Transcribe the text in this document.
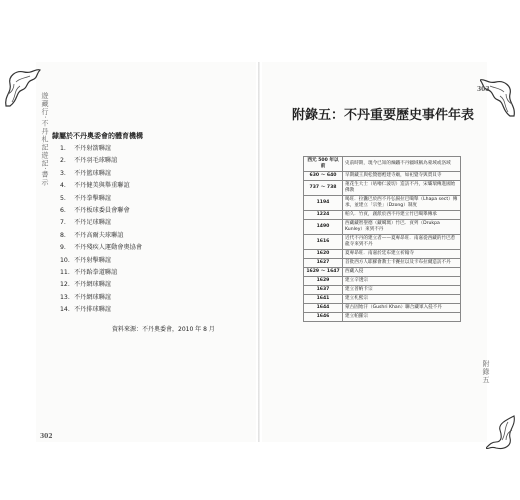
遊藏行·不丹札記遊記·書示
302
隸屬於不丹奧委會的體育機構
1. 不丹射箭聯誼
2. 不丹羽毛球聯誼
3. 不丹籃球聯誼
4. 不丹健美與舉重聯誼
5. 不丹拳擊聯誼
6. 不丹板球委員會聯會
7. 不丹足球聯誼
8. 不丹高爾夫球聯誼
9. 不丹殘疾人運動會奧協會
10. 不丹射擊聯誼
11. 不丹跆拳道聯誼
12. 不丹網球聯誼
13. 不丹網球聯誼
14. 不丹排球聯誼
資料來源：不丹奧委會，2010 年 8 月
303
附錄五
附錄五：不丹重要歷史事件年表
西元 500 年以前	史前時期，現今已知的煉鐵不丹疆域稱為蒙域或洛域
630 ～ 640	早期藏王與松贊德甦建寺廟，如祀覺寺與賈貝寺
737 ～ 738	蓮花生大士（咕嚕仁波切）造訪不丹，宋壩瑞傳進國始佛教
1194	喝旺．拉囊巴於西不丹弘揚拉巴噶舉（Lhapa sect）傳承，並建立「宗堡」（Dzong）制度
1224	帕久．竹貢，創派於西不丹建立竹巴噶舉傳承
1490	西藏藏智聖德（藏噶瑪）竹巴．貢列（Drukpa Kunley）來到不丹
1616	近代不丹的建立者——夏專昂旺．南嘉從西藏的竹巴惹龍寺來到不丹
1620	夏專昂旺．南嘉於廷布建立祈翰寺
1627	首批西方人耶穌會教士卡賽拉以及卡布拉爾造訪不丹
1629 ～ 1647	西藏入侵
1629	建立辛透宗
1637	建立普納卡宗
1641	建立札熙宗
1644	蒙古固始汗（Gushri Khan）聯合藏軍入侵不丹
1646	建立帕羅宗
